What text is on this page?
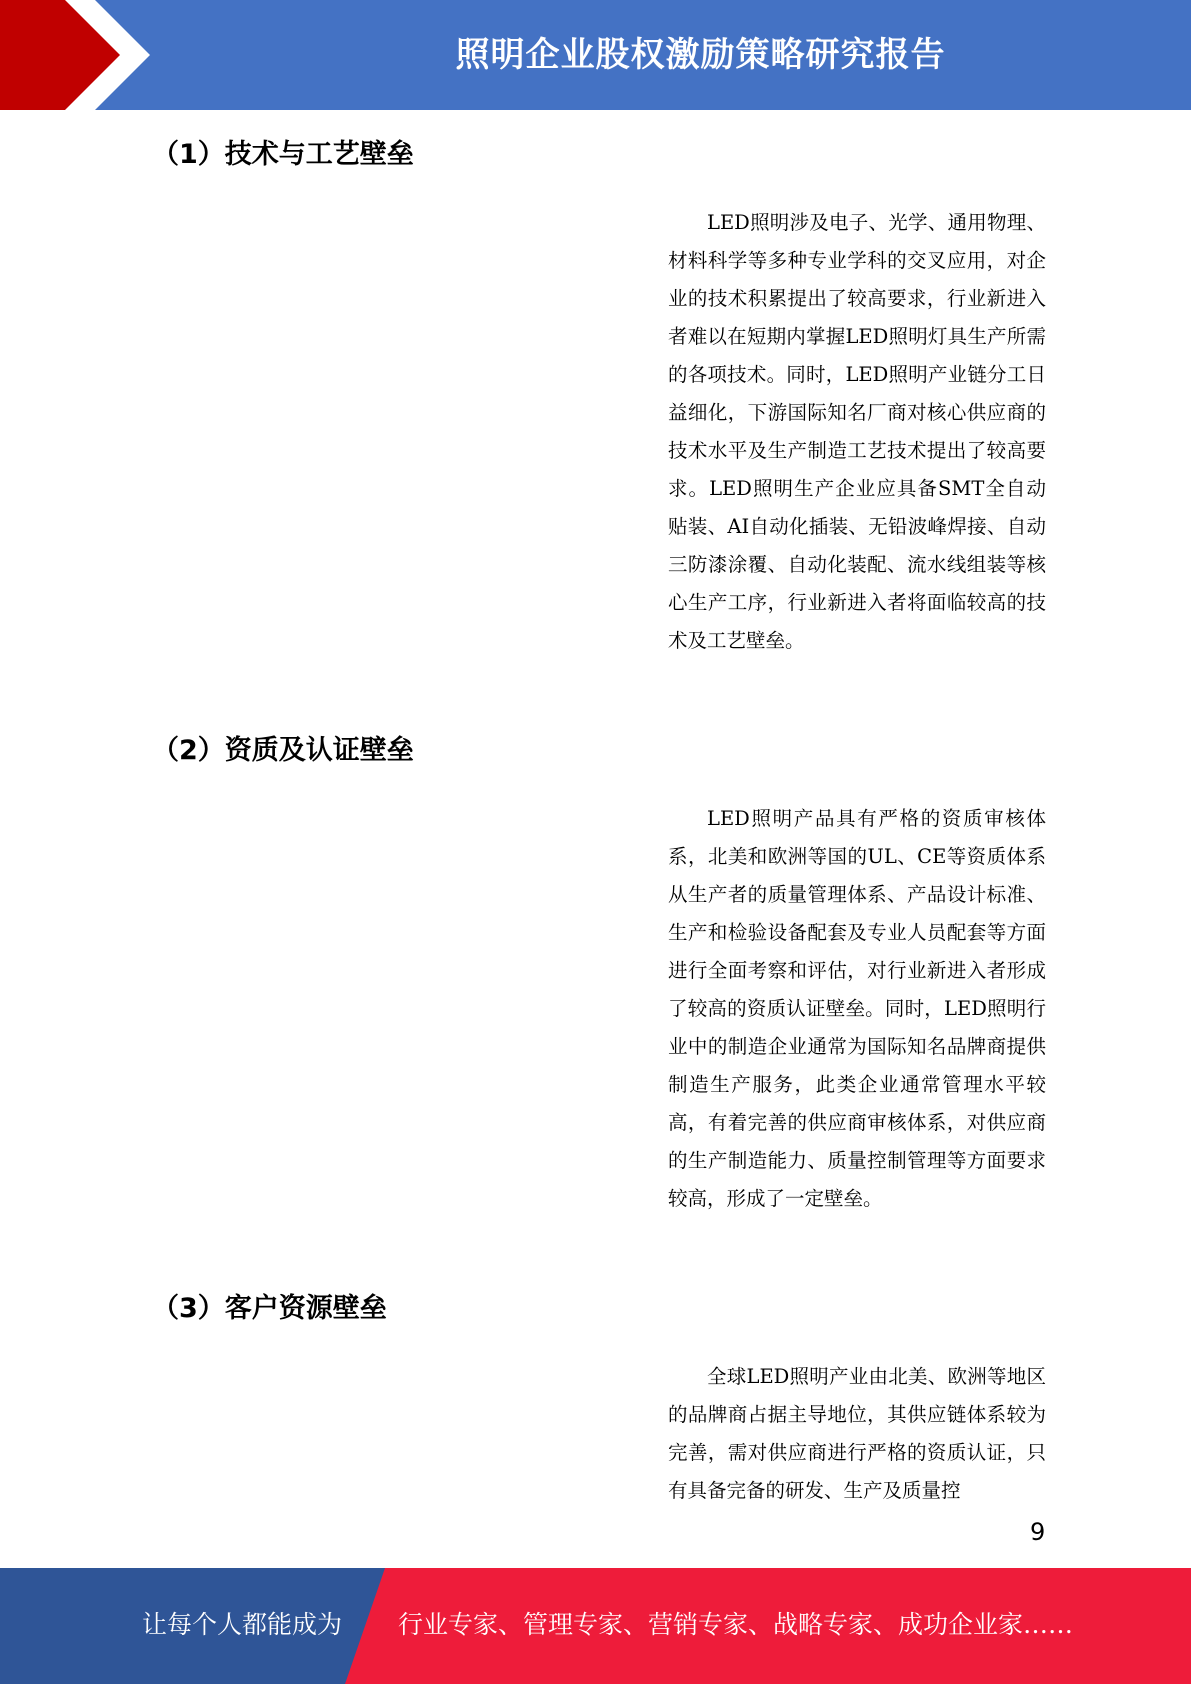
照明企业股权激励策略研究报告
（1）技术与工艺壁垒

LED照明涉及电子、光学、通用物理、材料科学等多种专业学科的交叉应用，对企业的技术积累提出了较高要求，行业新进入者难以在短期内掌握LED照明灯具生产所需的各项技术。同时，LED照明产业链分工日益细化，下游国际知名厂商对核心供应商的技术水平及生产制造工艺技术提出了较高要求。LED照明生产企业应具备SMT全自动贴装、AI自动化插装、无铅波峰焊接、自动三防漆涂覆、自动化装配、流水线组装等核心生产工序，行业新进入者将面临较高的技术及工艺壁垒。

（2）资质及认证壁垒

LED照明产品具有严格的资质审核体系，北美和欧洲等国的UL、CE等资质体系从生产者的质量管理体系、产品设计标准、生产和检验设备配套及专业人员配套等方面进行全面考察和评估，对行业新进入者形成了较高的资质认证壁垒。同时，LED照明行业中的制造企业通常为国际知名品牌商提供制造生产服务，此类企业通常管理水平较高，有着完善的供应商审核体系，对供应商的生产制造能力、质量控制管理等方面要求较高，形成了一定壁垒。

（3）客户资源壁垒

全球LED照明产业由北美、欧洲等地区的品牌商占据主导地位，其供应链体系较为完善，需对供应商进行严格的资质认证，只有具备完备的研发、生产及质量控

9
让每个人都能成为 行业专家、管理专家、营销专家、战略专家、成功企业家……
